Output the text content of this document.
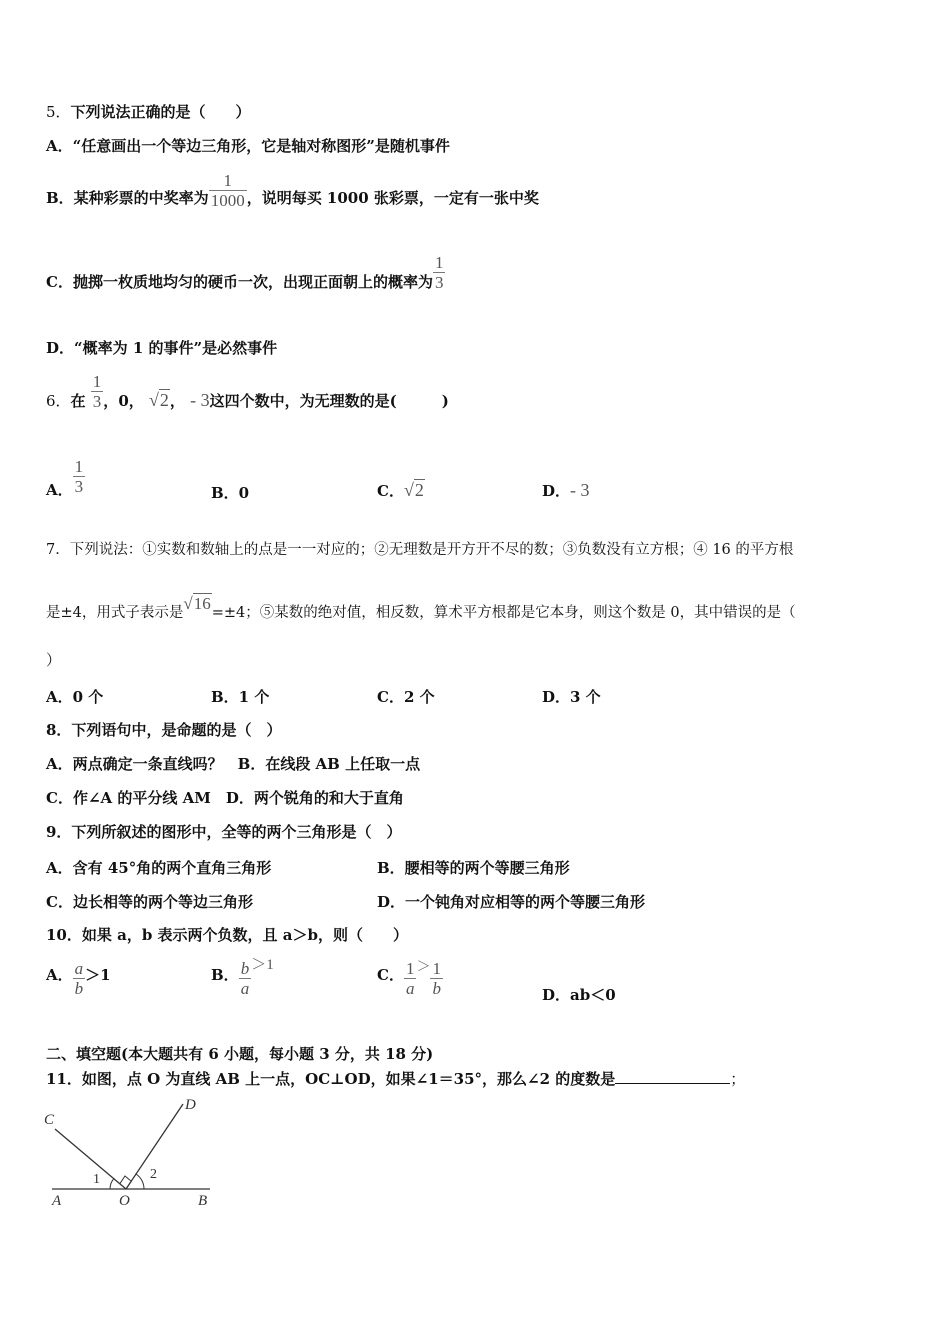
5．下列说法正确的是（　　）
A．“任意画出一个等边三角形，它是轴对称图形”是随机事件
B．某种彩票的中奖率为 $\frac{1}{1000}$ ，说明每买 1000 张彩票，一定有一张中奖
C．抛掷一枚质地均匀的硬币一次，出现正面朝上的概率为 $\frac{1}{3}$
D．“概率为 1 的事件”是必然事件
6．在 $\frac{1}{3}$ ，0， √2， - 3这四个数中，为无理数的是(　　　)
A． $\frac{1}{3}$	B．0	C．√2	D．- 3
7．下列说法：①实数和数轴上的点是一一对应的；②无理数是开方开不尽的数；③负数没有立方根；④ 16 的平方根
是±4，用式子表示是√16=±4；⑤某数的绝对值，相反数，算术平方根都是它本身，则这个数是 0，其中错误的是（
）
A．0 个	B．1 个	C．2 个	D．3 个
8．下列语句中，是命题的是（　）
A．两点确定一条直线吗？　B．在线段 AB 上任取一点
C．作∠A 的平分线 AM　D．两个锐角的和大于直角
9．下列所叙述的图形中，全等的两个三角形是（　）
A．含有 45°角的两个直角三角形	B．腰相等的两个等腰三角形
C．边长相等的两个等边三角形	D．一个钝角对应相等的两个等腰三角形
10．如果 a，b 表示两个负数，且 a＞b，则（　　）
A． $\frac{a}{b} >1$	B． $\frac{b}{a} >1$
C． $\frac{1}{a} > \frac{1}{b}$	D．ab＜0
二、填空题(本大题共有 6 小题，每小题 3 分，共 18 分)
11．如图，点 O 为直线 AB 上一点，OC⊥OD，如果∠1＝35°，那么∠2 的度数是	；
C
D
A	O	B
1	2
